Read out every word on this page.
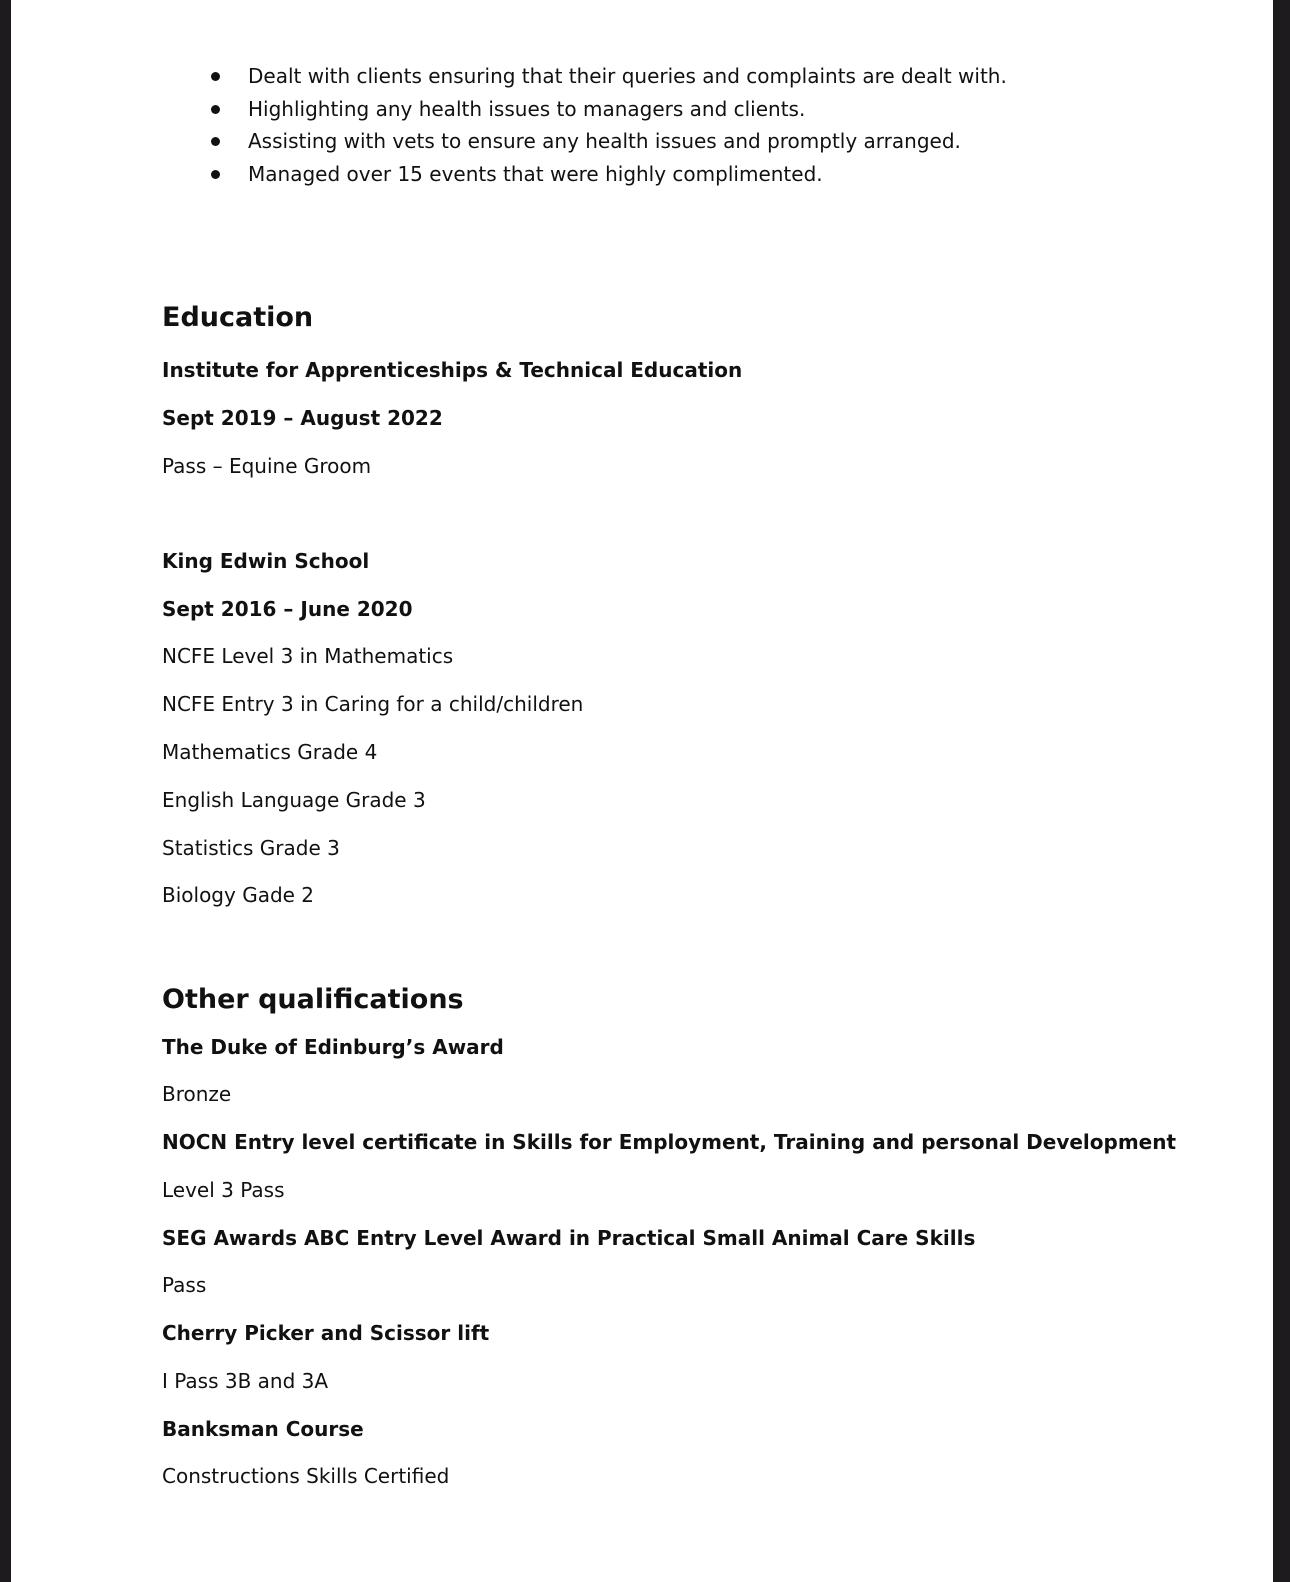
Dealt with clients ensuring that their queries and complaints are dealt with.
Highlighting any health issues to managers and clients.
Assisting with vets to ensure any health issues and promptly arranged.
Managed over 15 events that were highly complimented.
Education
Institute for Apprenticeships & Technical Education
Sept 2019 – August 2022
Pass – Equine Groom
King Edwin School
Sept 2016 – June 2020
NCFE Level 3 in Mathematics
NCFE Entry 3 in Caring for a child/children
Mathematics Grade 4
English Language Grade 3
Statistics Grade 3
Biology Gade 2
Other qualifications
The Duke of Edinburg’s Award
Bronze
NOCN Entry level certificate in Skills for Employment, Training and personal Development
Level 3 Pass
SEG Awards ABC Entry Level Award in Practical Small Animal Care Skills
Pass
Cherry Picker and Scissor lift
I Pass 3B and 3A
Banksman Course
Constructions Skills Certified
